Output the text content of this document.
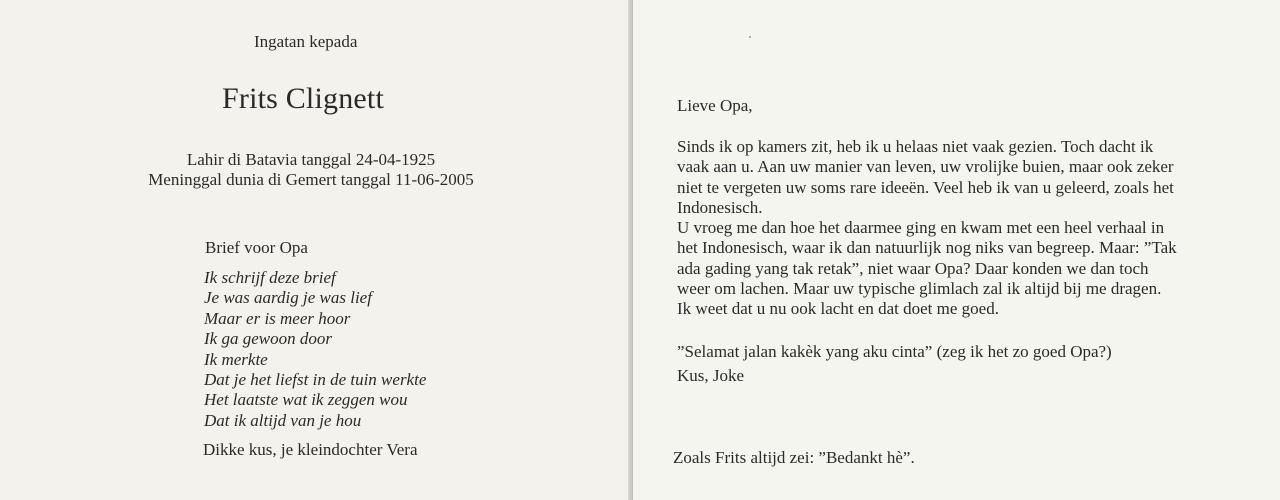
Ingatan kepada
Frits Clignett
Lahir di Batavia tanggal 24-04-1925
Meninggal dunia di Gemert tanggal 11-06-2005
Brief voor Opa
Ik schrijf deze brief
Je was aardig je was lief
Maar er is meer hoor
Ik ga gewoon door
Ik merkte
Dat je het liefst in de tuin werkte
Het laatste wat ik zeggen wou
Dat ik altijd van je hou
Dikke kus, je kleindochter Vera
Lieve Opa,
Sinds ik op kamers zit, heb ik u helaas niet vaak gezien. Toch dacht ik
vaak aan u. Aan uw manier van leven, uw vrolijke buien, maar ook zeker
niet te vergeten uw soms rare ideeën. Veel heb ik van u geleerd, zoals het
Indonesisch.
U vroeg me dan hoe het daarmee ging en kwam met een heel verhaal in
het Indonesisch, waar ik dan natuurlijk nog niks van begreep. Maar: ”Tak
ada gading yang tak retak”, niet waar Opa? Daar konden we dan toch
weer om lachen. Maar uw typische glimlach zal ik altijd bij me dragen.
Ik weet dat u nu ook lacht en dat doet me goed.
”Selamat jalan kakèk yang aku cinta” (zeg ik het zo goed Opa?)
Kus, Joke
Zoals Frits altijd zei: ”Bedankt hè”.
